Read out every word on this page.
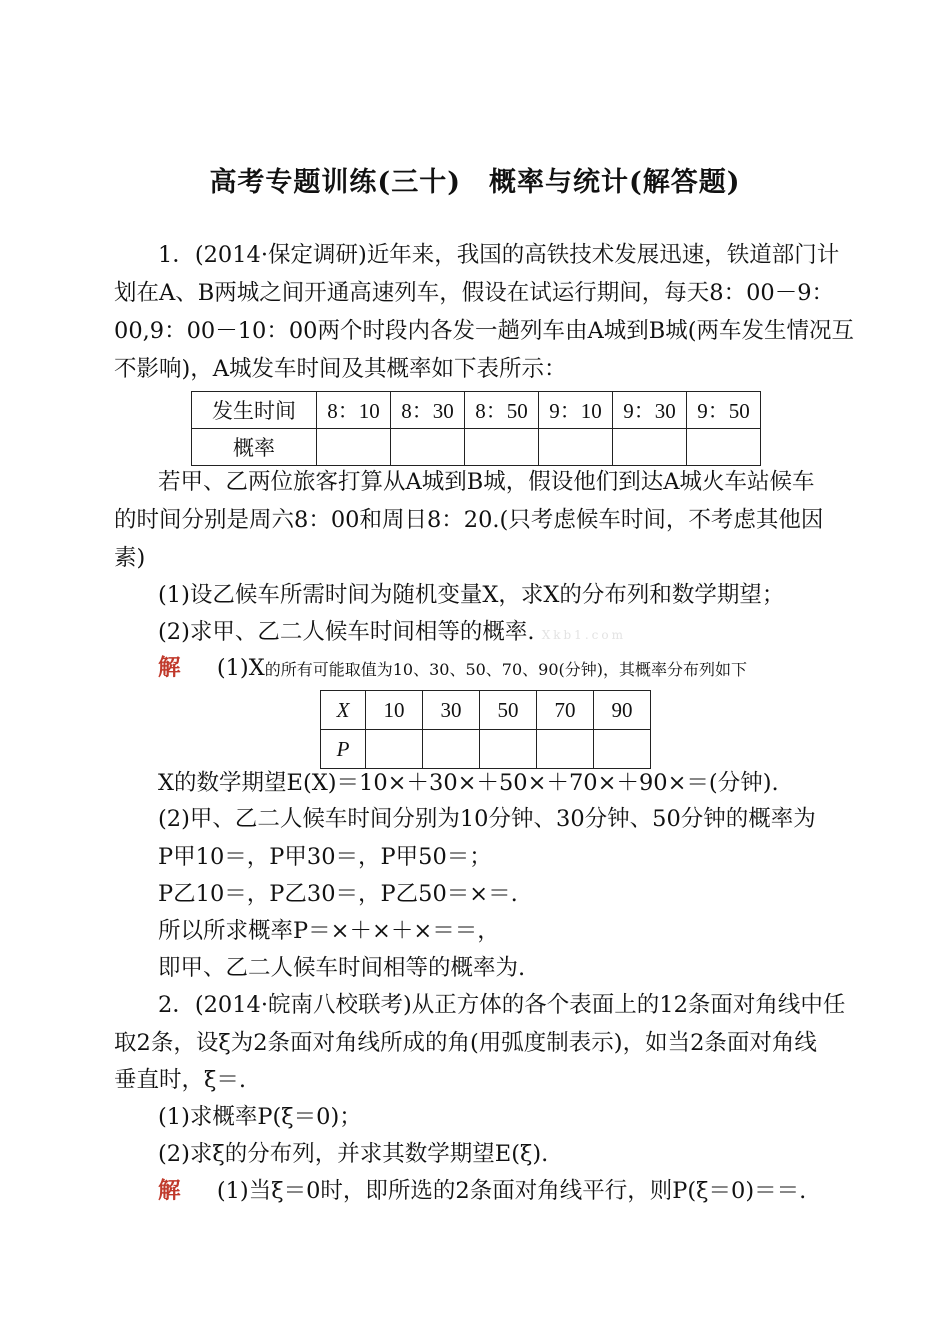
高考专题训练(三十)　概率与统计(解答题)
1．(2014·保定调研)近年来，我国的高铁技术发展迅速，铁道部门计
划在A、B两城之间开通高速列车，假设在试运行期间，每天8：00－9：
00,9：00－10：00两个时段内各发一趟列车由A城到B城(两车发生情况互
不影响)，A城发车时间及其概率如下表所示：
发生时间	8：10	8：30	8：50	9：10	9：30	9：50
概率						
若甲、乙两位旅客打算从A城到B城，假设他们到达A城火车站候车
的时间分别是周六8：00和周日8：20.(只考虑候车时间，不考虑其他因
素)
(1)设乙候车所需时间为随机变量X，求X的分布列和数学期望；
(2)求甲、乙二人候车时间相等的概率. Xkb1.com
解 (1)X的所有可能取值为10、30、50、70、90(分钟)，其概率分布列如下
X	10	30	50	70	90
P					
X的数学期望E(X)＝10×＋30×＋50×＋70×＋90×＝(分钟).
(2)甲、乙二人候车时间分别为10分钟、30分钟、50分钟的概率为
P甲10＝，P甲30＝，P甲50＝；
P乙10＝，P乙30＝，P乙50＝×＝.
所以所求概率P＝×＋×＋×＝＝，
即甲、乙二人候车时间相等的概率为.
2．(2014·皖南八校联考)从正方体的各个表面上的12条面对角线中任
取2条，设ξ为2条面对角线所成的角(用弧度制表示)，如当2条面对角线
垂直时，ξ＝.
(1)求概率P(ξ＝0)；
(2)求ξ的分布列，并求其数学期望E(ξ).
解 (1)当ξ＝0时，即所选的2条面对角线平行，则P(ξ＝0)＝＝.
